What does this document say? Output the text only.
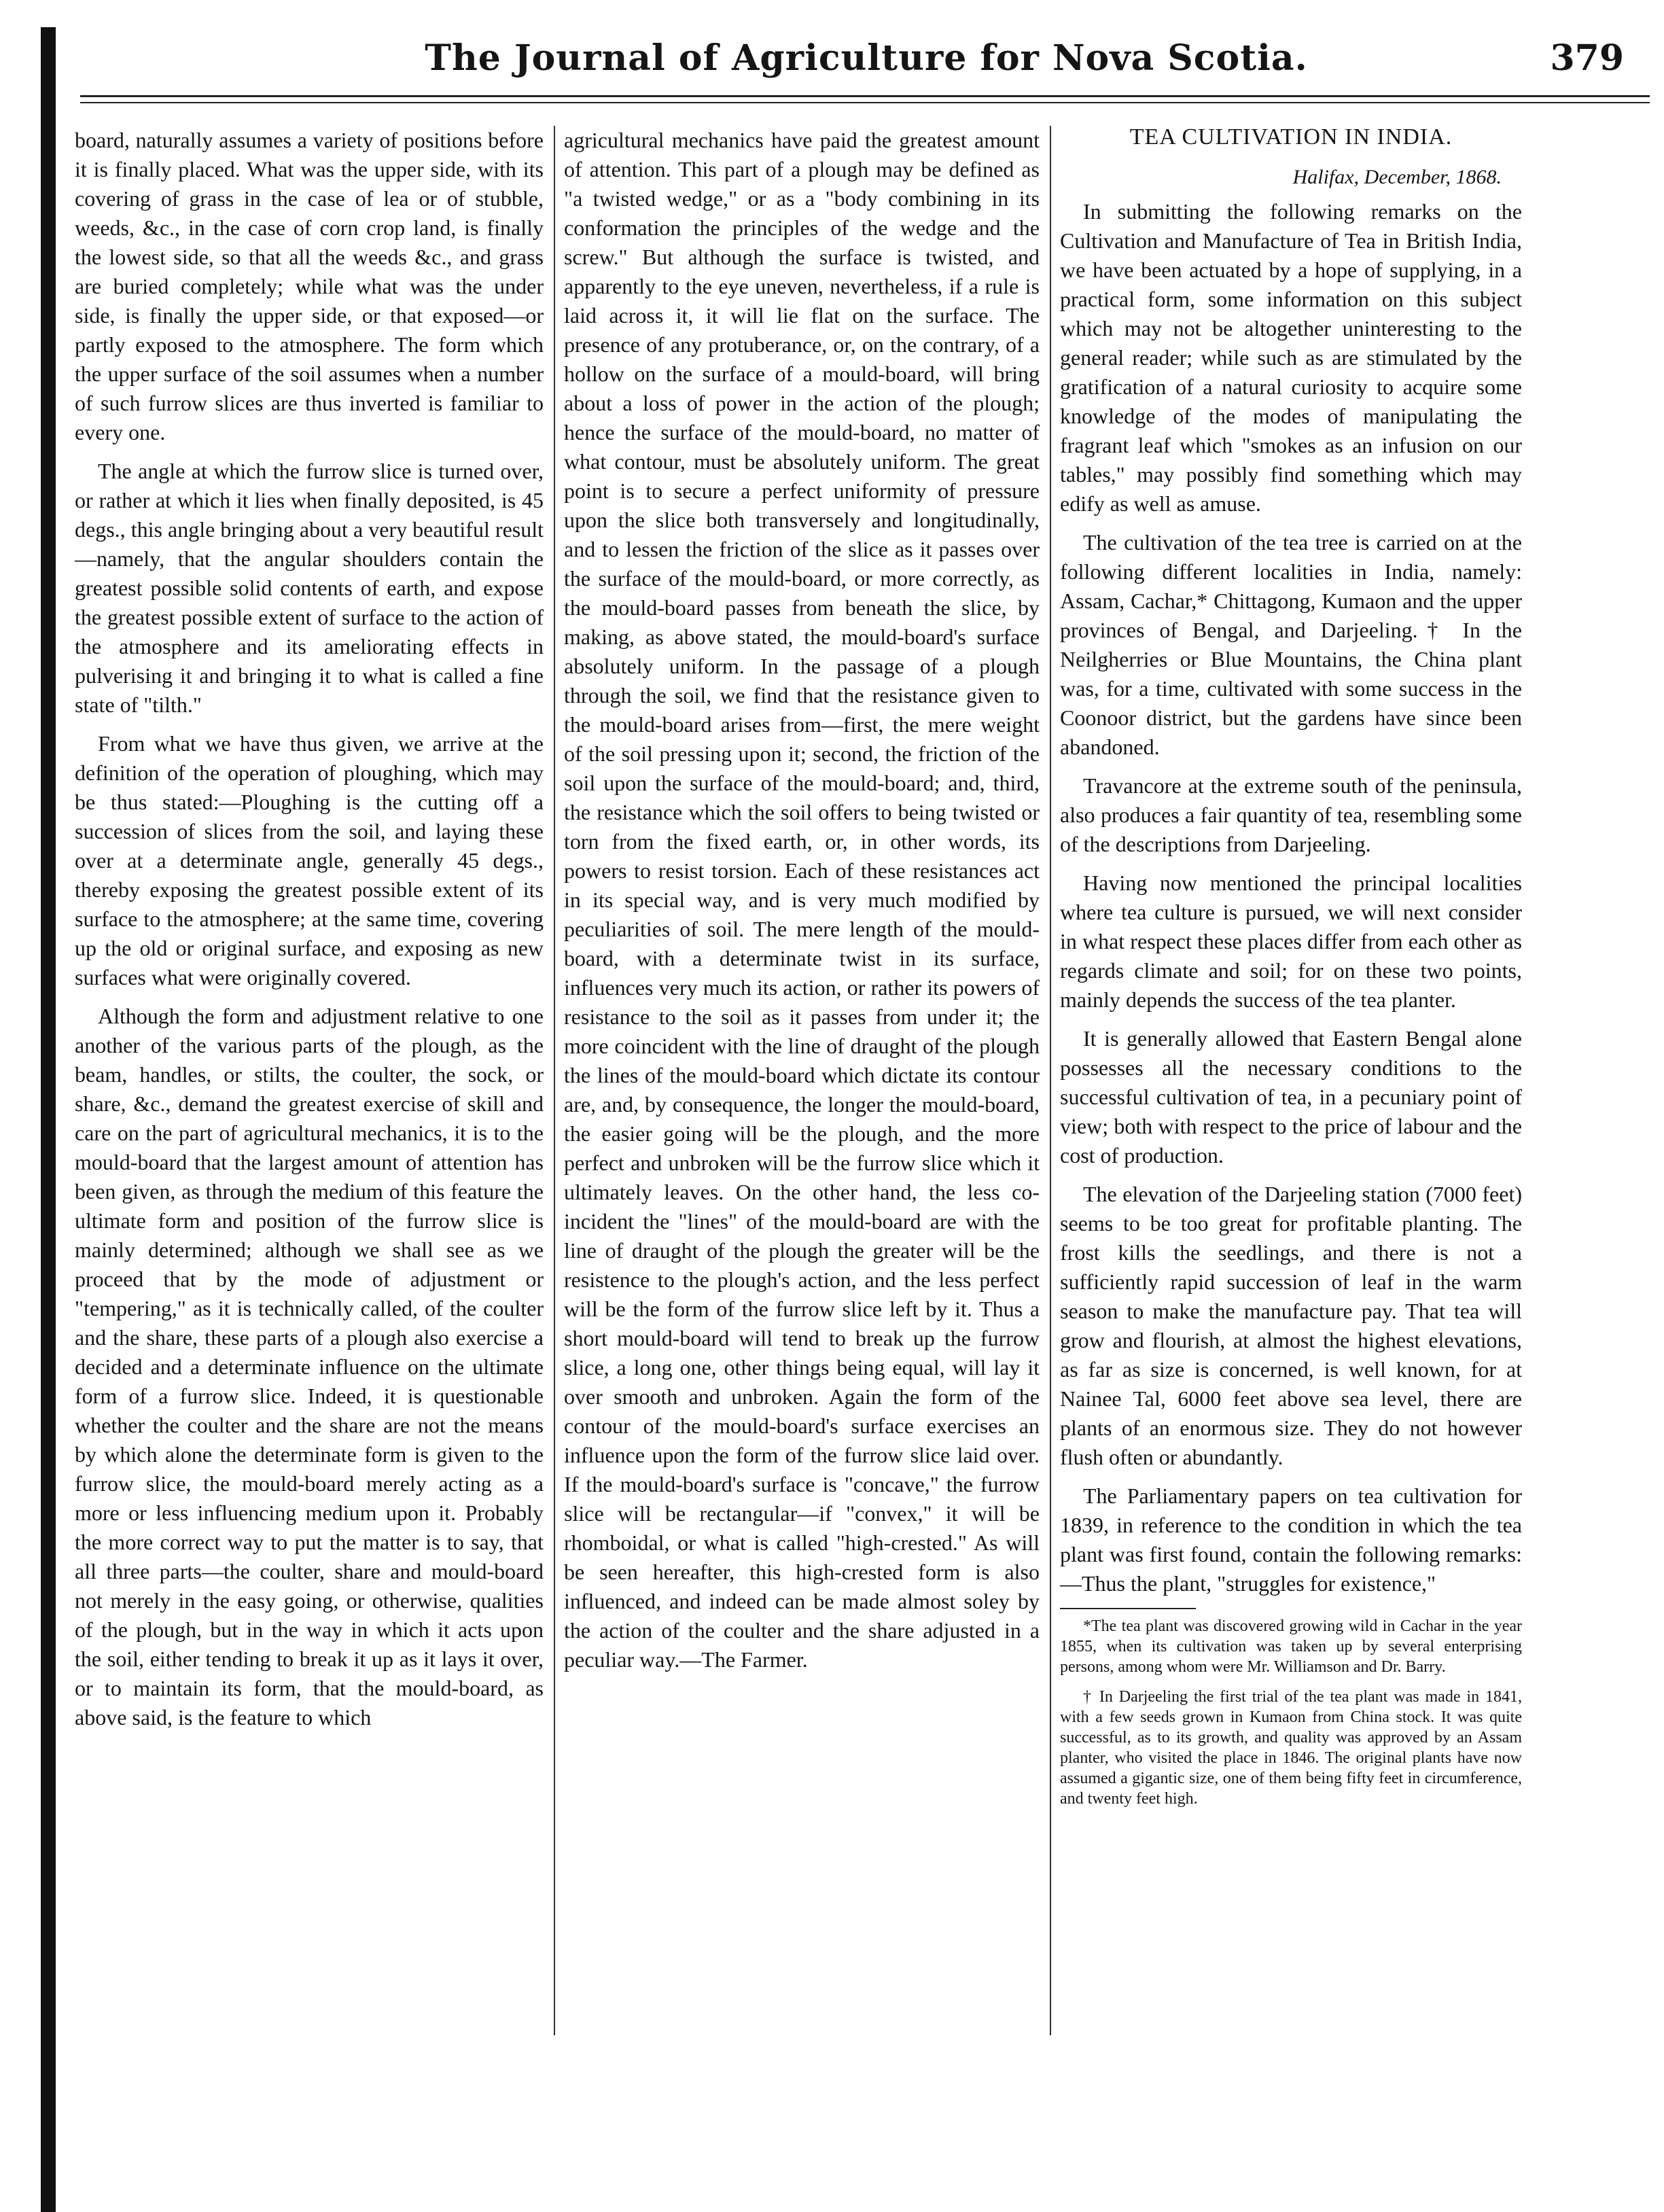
The Journal of Agriculture for Nova Scotia.	379

board, naturally assumes a variety of positions before it is finally placed. What was the upper side, with its covering of grass in the case of lea or of stubble, weeds, &c., in the case of corn crop land, is finally the lowest side, so that all the weeds &c., and grass are buried completely; while what was the under side, is finally the upper side, or that exposed—or partly exposed to the atmosphere. The form which the upper surface of the soil assumes when a number of such furrow slices are thus inverted is familiar to every one.

The angle at which the furrow slice is turned over, or rather at which it lies when finally deposited, is 45 degs., this angle bringing about a very beautiful result—namely, that the angular shoulders contain the greatest possible solid contents of earth, and expose the greatest possible extent of surface to the action of the atmosphere and its ameliorating effects in pulverising it and bringing it to what is called a fine state of "tilth."

From what we have thus given, we arrive at the definition of the operation of ploughing, which may be thus stated:—Ploughing is the cutting off a succession of slices from the soil, and laying these over at a determinate angle, generally 45 degs., thereby exposing the greatest possible extent of its surface to the atmosphere; at the same time, covering up the old or original surface, and exposing as new surfaces what were originally covered.

Although the form and adjustment relative to one another of the various parts of the plough, as the beam, handles, or stilts, the coulter, the sock, or share, &c., demand the greatest exercise of skill and care on the part of agricultural mechanics, it is to the mould-board that the largest amount of attention has been given, as through the medium of this feature the ultimate form and position of the furrow slice is mainly determined; although we shall see as we proceed that by the mode of adjustment or "tempering," as it is technically called, of the coulter and the share, these parts of a plough also exercise a decided and a determinate influence on the ultimate form of a furrow slice. Indeed, it is questionable whether the coulter and the share are not the means by which alone the determinate form is given to the furrow slice, the mould-board merely acting as a more or less influencing medium upon it. Probably the more correct way to put the matter is to say, that all three parts—the coulter, share and mould-board not merely in the easy going, or otherwise, qualities of the plough, but in the way in which it acts upon the soil, either tending to break it up as it lays it over, or to maintain its form, that the mould-board, as above said, is the feature to which

agricultural mechanics have paid the greatest amount of attention. This part of a plough may be defined as "a twisted wedge," or as a "body combining in its conformation the principles of the wedge and the screw." But although the surface is twisted, and apparently to the eye uneven, nevertheless, if a rule is laid across it, it will lie flat on the surface. The presence of any protuberance, or, on the contrary, of a hollow on the surface of a mould-board, will bring about a loss of power in the action of the plough; hence the surface of the mould-board, no matter of what contour, must be absolutely uniform. The great point is to secure a perfect uniformity of pressure upon the slice both transversely and longitudinally, and to lessen the friction of the slice as it passes over the surface of the mould-board, or more correctly, as the mould-board passes from beneath the slice, by making, as above stated, the mould-board's surface absolutely uniform. In the passage of a plough through the soil, we find that the resistance given to the mould-board arises from—first, the mere weight of the soil pressing upon it; second, the friction of the soil upon the surface of the mould-board; and, third, the resistance which the soil offers to being twisted or torn from the fixed earth, or, in other words, its powers to resist torsion. Each of these resistances act in its special way, and is very much modified by peculiarities of soil. The mere length of the mould-board, with a determinate twist in its surface, influences very much its action, or rather its powers of resistance to the soil as it passes from under it; the more coincident with the line of draught of the plough the lines of the mould-board which dictate its contour are, and, by consequence, the longer the mould-board, the easier going will be the plough, and the more perfect and unbroken will be the furrow slice which it ultimately leaves. On the other hand, the less co-incident the "lines" of the mould-board are with the line of draught of the plough the greater will be the resistence to the plough's action, and the less perfect will be the form of the furrow slice left by it. Thus a short mould-board will tend to break up the furrow slice, a long one, other things being equal, will lay it over smooth and unbroken. Again the form of the contour of the mould-board's surface exercises an influence upon the form of the furrow slice laid over. If the mould-board's surface is "concave," the furrow slice will be rectangular—if "convex," it will be rhomboidal, or what is called "high-crested." As will be seen hereafter, this high-crested form is also influenced, and indeed can be made almost soley by the action of the coulter and the share adjusted in a peculiar way.—The Farmer.

TEA CULTIVATION IN INDIA.
Halifax, December, 1868.

In submitting the following remarks on the Cultivation and Manufacture of Tea in British India, we have been actuated by a hope of supplying, in a practical form, some information on this subject which may not be altogether uninteresting to the general reader; while such as are stimulated by the gratification of a natural curiosity to acquire some knowledge of the modes of manipulating the fragrant leaf which "smokes as an infusion on our tables," may possibly find something which may edify as well as amuse.

The cultivation of the tea tree is carried on at the following different localities in India, namely: Assam, Cachar,* Chittagong, Kumaon and the upper provinces of Bengal, and Darjeeling.† In the Neilgherries or Blue Mountains, the China plant was, for a time, cultivated with some success in the Coonoor district, but the gardens have since been abandoned.

Travancore at the extreme south of the peninsula, also produces a fair quantity of tea, resembling some of the descriptions from Darjeeling.

Having now mentioned the principal localities where tea culture is pursued, we will next consider in what respect these places differ from each other as regards climate and soil; for on these two points, mainly depends the success of the tea planter.

It is generally allowed that Eastern Bengal alone possesses all the necessary conditions to the successful cultivation of tea, in a pecuniary point of view; both with respect to the price of labour and the cost of production.

The elevation of the Darjeeling station (7000 feet) seems to be too great for profitable planting. The frost kills the seedlings, and there is not a sufficiently rapid succession of leaf in the warm season to make the manufacture pay. That tea will grow and flourish, at almost the highest elevations, as far as size is concerned, is well known, for at Nainee Tal, 6000 feet above sea level, there are plants of an enormous size. They do not however flush often or abundantly.

The Parliamentary papers on tea cultivation for 1839, in reference to the condition in which the tea plant was first found, contain the following remarks:—Thus the plant, "struggles for existence,"

*The tea plant was discovered growing wild in Cachar in the year 1855, when its cultivation was taken up by several enterprising persons, among whom were Mr. Williamson and Dr. Barry.

† In Darjeeling the first trial of the tea plant was made in 1841, with a few seeds grown in Kumaon from China stock. It was quite successful, as to its growth, and quality was approved by an Assam planter, who visited the place in 1846. The original plants have now assumed a gigantic size, one of them being fifty feet in circumference, and twenty feet high.
